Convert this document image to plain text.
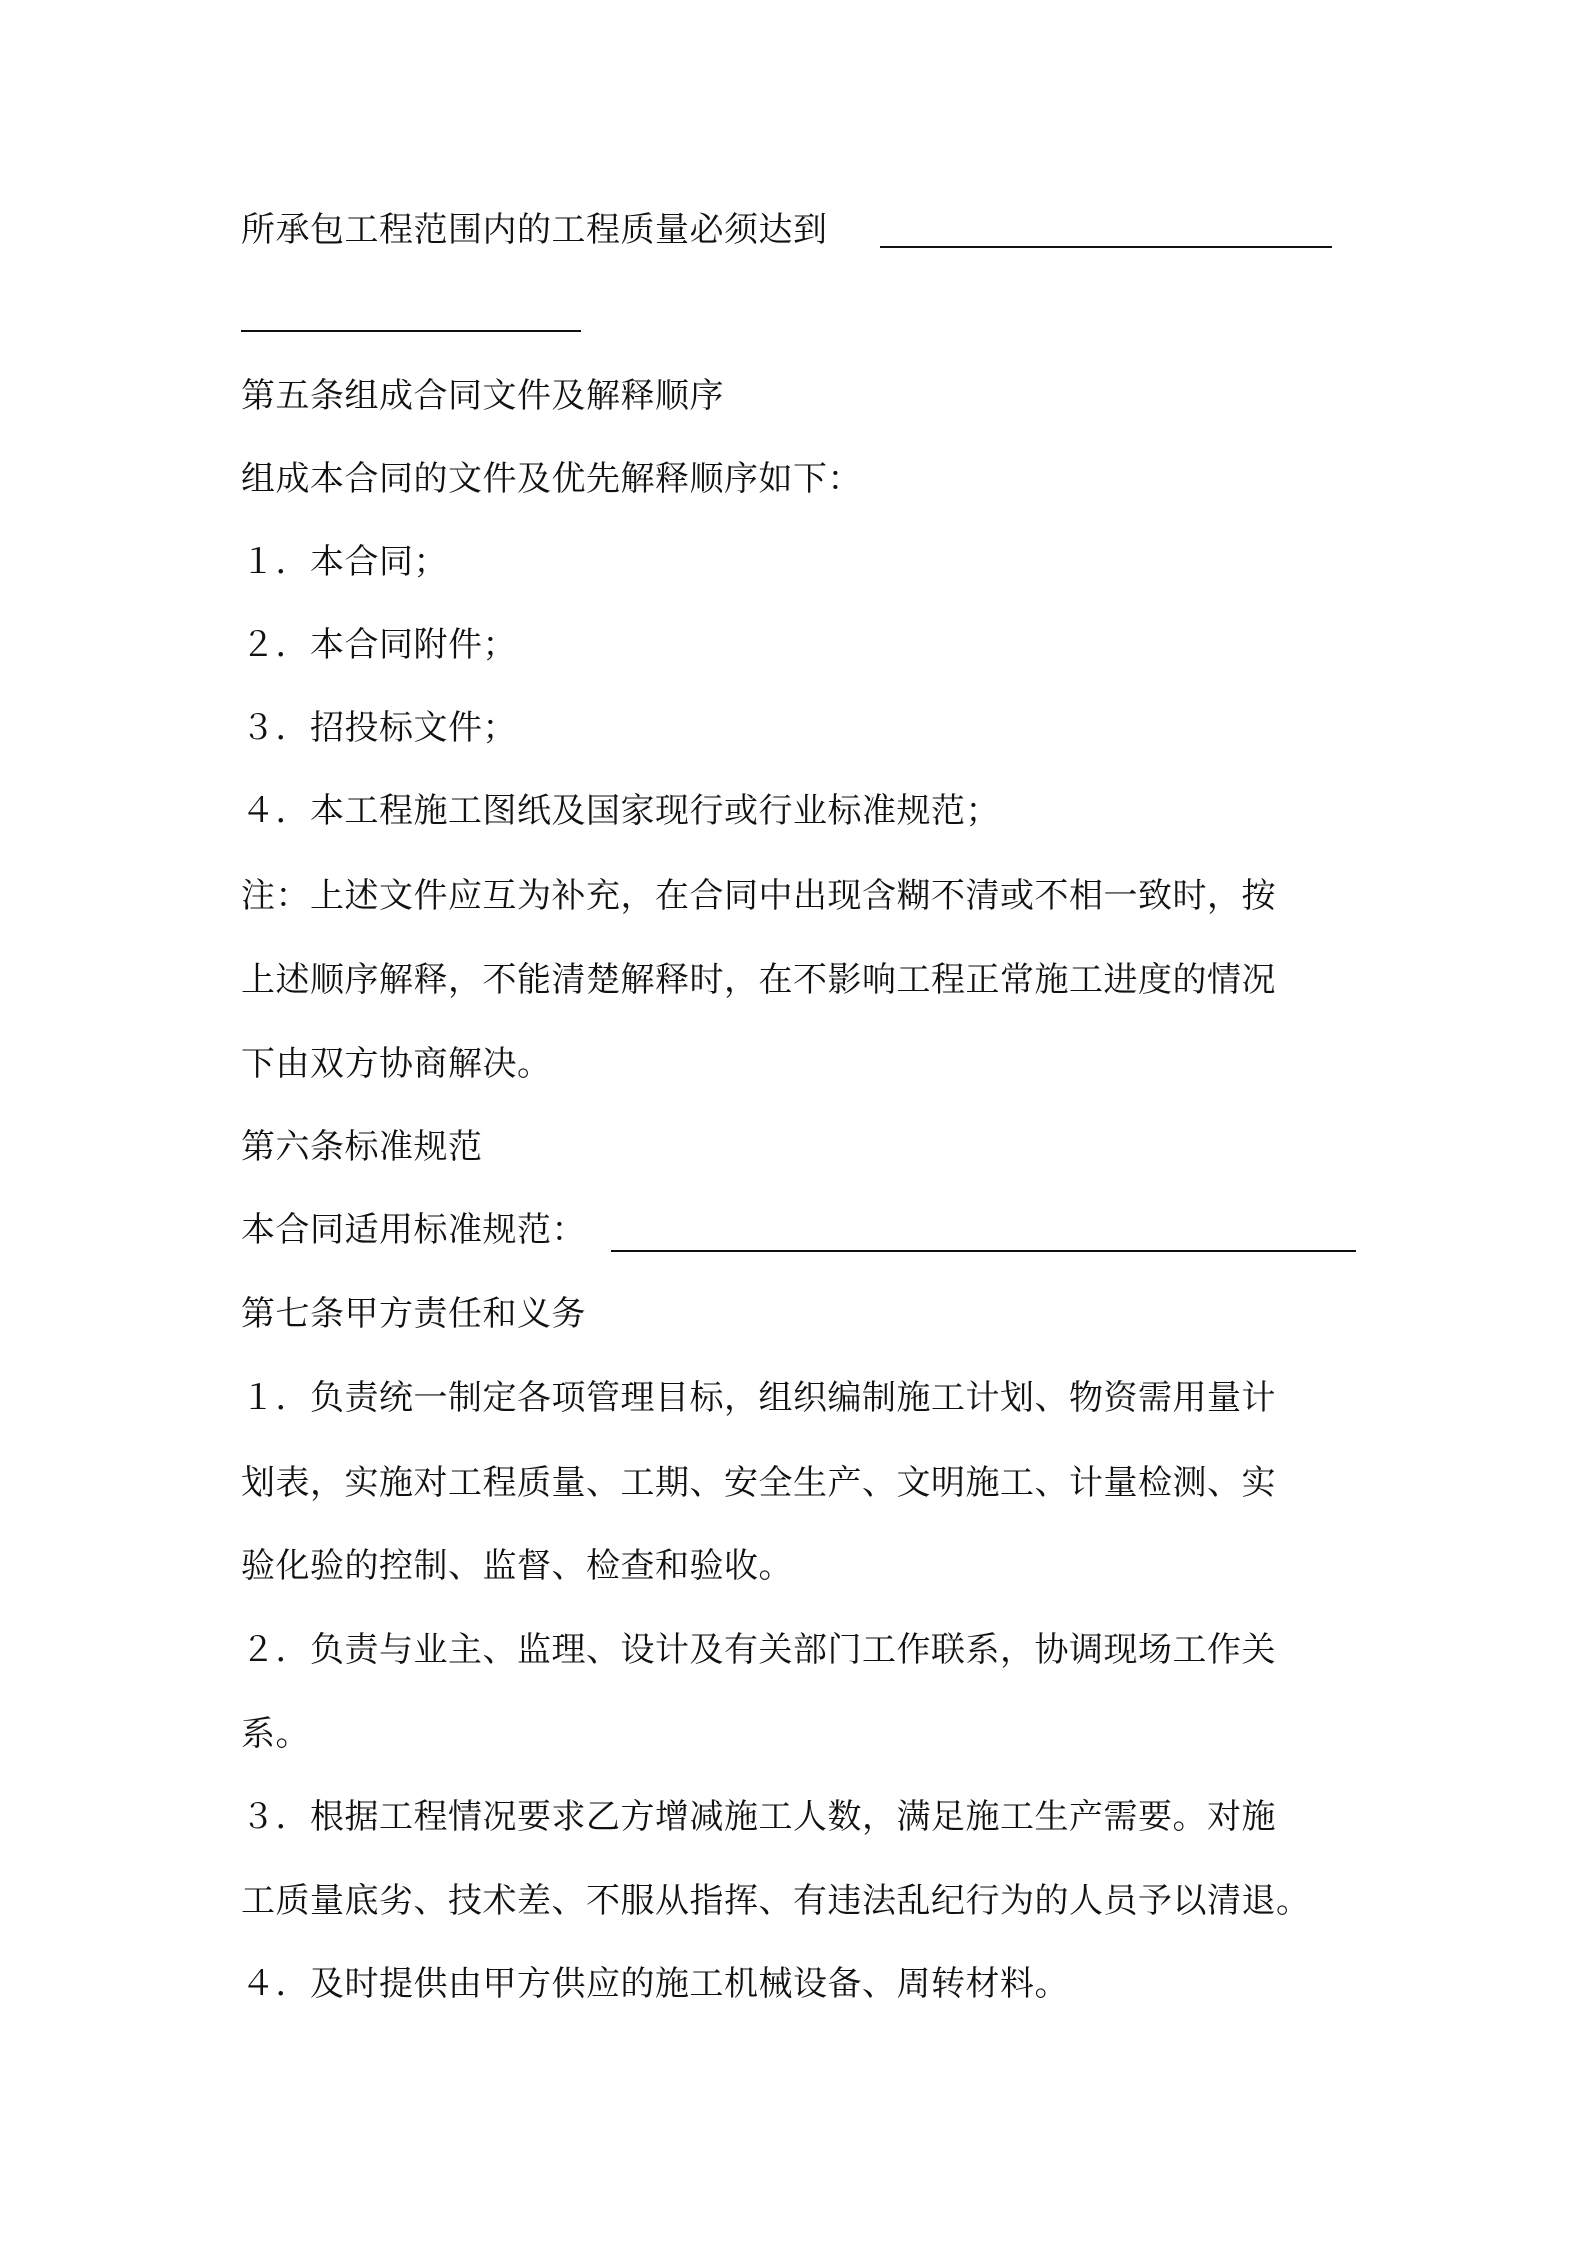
所承包工程范围内的工程质量必须达到
第五条组成合同文件及解释顺序
组成本合同的文件及优先解释顺序如下：
１．本合同；
２．本合同附件；
３．招投标文件；
４．本工程施工图纸及国家现行或行业标准规范；
注：上述文件应互为补充，在合同中出现含糊不清或不相一致时，按
上述顺序解释，不能清楚解释时，在不影响工程正常施工进度的情况
下由双方协商解决。
第六条标准规范
本合同适用标准规范：
第七条甲方责任和义务
１．负责统一制定各项管理目标，组织编制施工计划、物资需用量计
划表，实施对工程质量、工期、安全生产、文明施工、计量检测、实
验化验的控制、监督、检查和验收。
２．负责与业主、监理、设计及有关部门工作联系，协调现场工作关
系。
３．根据工程情况要求乙方增减施工人数，满足施工生产需要。对施
工质量底劣、技术差、不服从指挥、有违法乱纪行为的人员予以清退。
４．及时提供由甲方供应的施工机械设备、周转材料。
